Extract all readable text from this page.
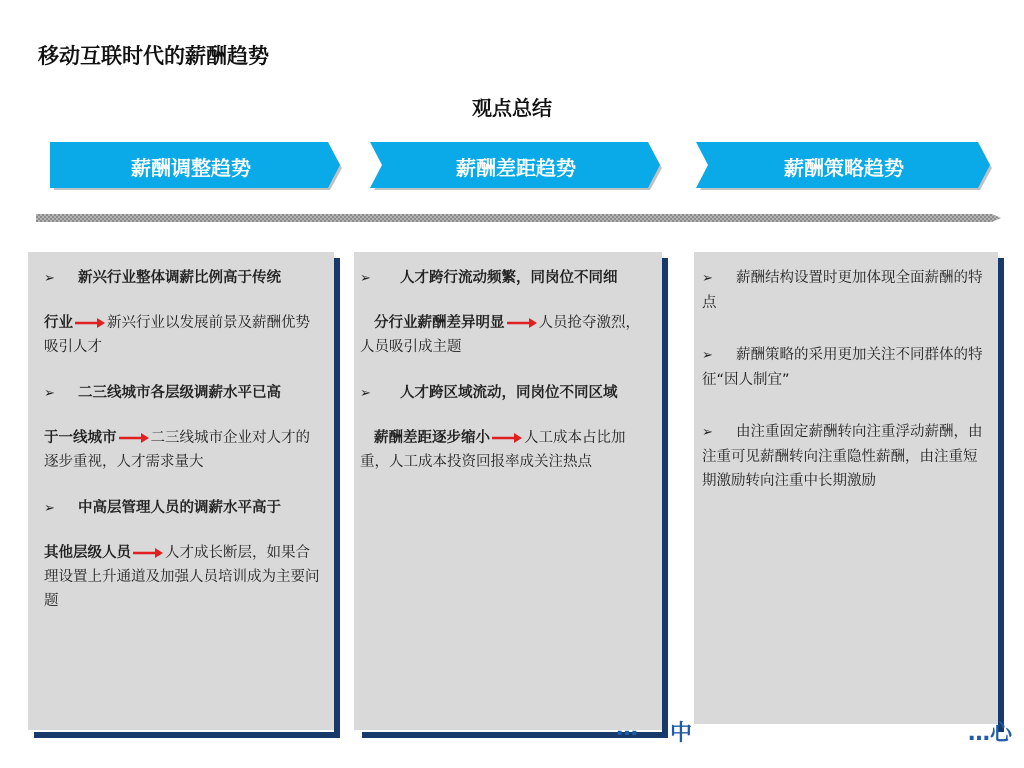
移动互联时代的薪酬趋势
观点总结
薪酬调整趋势	薪酬差距趋势	薪酬策略趋势
➢ 新兴行业整体调薪比例高于传统
行业 新兴行业以发展前景及薪酬优势吸引人才
➢ 二三线城市各层级调薪水平已高
于一线城市 二三线城市企业对人才的逐步重视，人才需求量大
➢ 中高层管理人员的调薪水平高于
其他层级人员 人才成长断层，如果合理设置上升通道及加强人员培训成为主要问题
➢ 人才跨行流动频繁，同岗位不同细
分行业薪酬差异明显 人员抢夺激烈，人员吸引成主题
➢ 人才跨区域流动，同岗位不同区域
薪酬差距逐步缩小 人工成本占比加重，人工成本投资回报率成关注热点
➢ 薪酬结构设置时更加体现全面薪酬的特点
➢ 薪酬策略的采用更加关注不同群体的特征“因人制宜”
➢ 由注重固定薪酬转向注重浮动薪酬，由注重可见薪酬转向注重隐性薪酬，由注重短期激励转向注重中长期激励
… 中	…心
